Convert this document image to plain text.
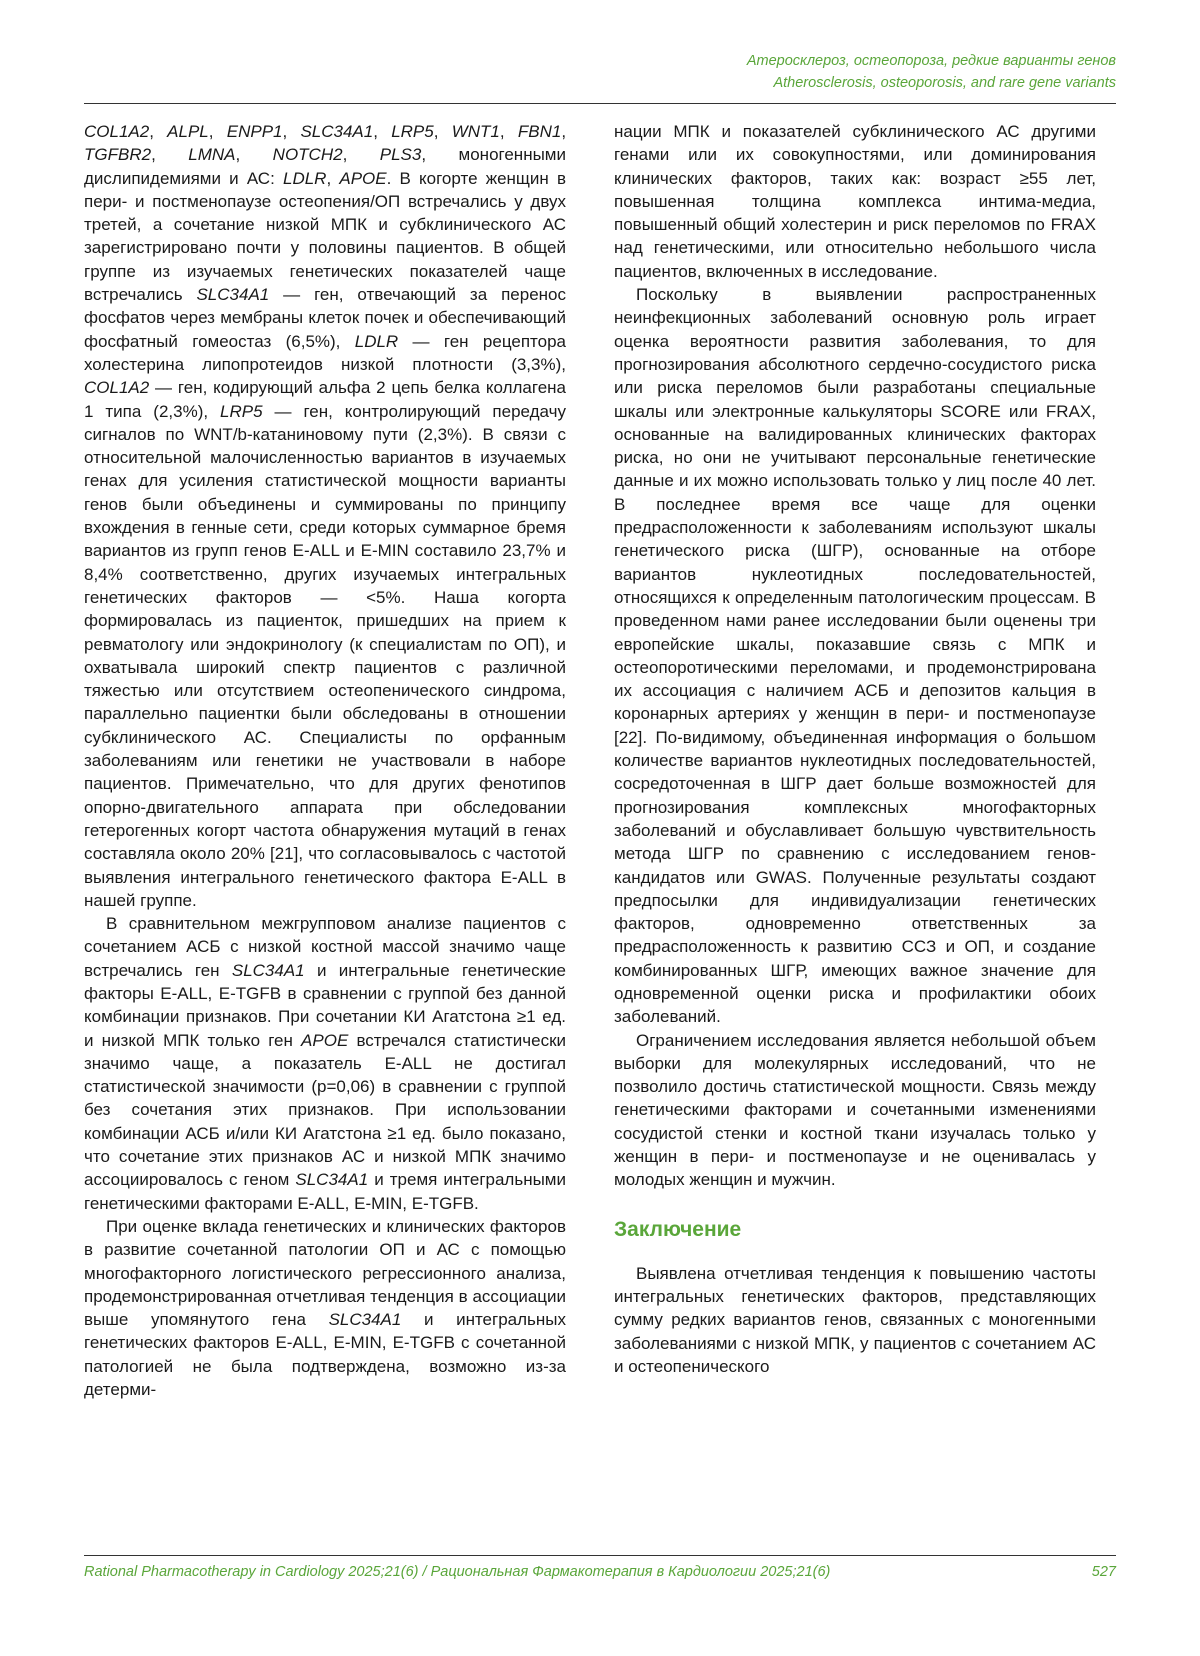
Атеросклероз, остеопороза, редкие варианты генов
Atherosclerosis, osteoporosis, and rare gene variants

COL1A2, ALPL, ENPP1, SLC34A1, LRP5, WNT1, FBN1, TGFBR2, LMNA, NOTCH2, PLS3, моногенными дислипидемиями и АС: LDLR, APOE. В когорте женщин в пери- и постменопаузе остеопения/ОП встречались у двух третей, а сочетание низкой МПК и субклинического АС зарегистрировано почти у половины пациентов. В общей группе из изучаемых генетических показателей чаще встречались SLC34A1 — ген, отвечающий за перенос фосфатов через мембраны клеток почек и обеспечивающий фосфатный гомеостаз (6,5%), LDLR — ген рецептора холестерина липопротеидов низкой плотности (3,3%), COL1A2 — ген, кодирующий альфа 2 цепь белка коллагена 1 типа (2,3%), LRP5 — ген, контролирующий передачу сигналов по WNT/b-катаниновому пути (2,3%). В связи с относительной малочисленностью вариантов в изучаемых генах для усиления статистической мощности варианты генов были объединены и суммированы по принципу вхождения в генные сети, среди которых суммарное бремя вариантов из групп генов E-ALL и E-MIN составило 23,7% и 8,4% соответственно, других изучаемых интегральных генетических факторов — <5%. Наша когорта формировалась из пациенток, пришедших на прием к ревматологу или эндокринологу (к специалистам по ОП), и охватывала широкий спектр пациентов с различной тяжестью или отсутствием остеопенического синдрома, параллельно пациентки были обследованы в отношении субклинического АС. Специалисты по орфанным заболеваниям или генетики не участвовали в наборе пациентов. Примечательно, что для других фенотипов опорно-двигательного аппарата при обследовании гетерогенных когорт частота обнаружения мутаций в генах составляла около 20% [21], что согласовывалось с частотой выявления интегрального генетического фактора E-ALL в нашей группе.

В сравнительном межгрупповом анализе пациентов с сочетанием АСБ с низкой костной массой значимо чаще встречались ген SLC34A1 и интегральные генетические факторы E-ALL, E-TGFB в сравнении с группой без данной комбинации признаков. При сочетании КИ Агатстона ≥1 ед. и низкой МПК только ген APOE встречался статистически значимо чаще, а показатель E-ALL не достигал статистической значимости (p=0,06) в сравнении с группой без сочетания этих признаков. При использовании комбинации АСБ и/или КИ Агатстона ≥1 ед. было показано, что сочетание этих признаков АС и низкой МПК значимо ассоциировалось с геном SLC34A1 и тремя интегральными генетическими факторами E-ALL, E-MIN, E-TGFB.

При оценке вклада генетических и клинических факторов в развитие сочетанной патологии ОП и АС с помощью многофакторного логистического регрессионного анализа, продемонстрированная отчетливая тенденция в ассоциации выше упомянутого гена SLC34A1 и интегральных генетических факторов E-ALL, E-MIN, E-TGFB с сочетанной патологией не была подтверждена, возможно из-за детерми-

нации МПК и показателей субклинического АС другими генами или их совокупностями, или доминирования клинических факторов, таких как: возраст ≥55 лет, повышенная толщина комплекса интима-медиа, повышенный общий холестерин и риск переломов по FRAX над генетическими, или относительно небольшого числа пациентов, включенных в исследование.

Поскольку в выявлении распространенных неинфекционных заболеваний основную роль играет оценка вероятности развития заболевания, то для прогнозирования абсолютного сердечно-сосудистого риска или риска переломов были разработаны специальные шкалы или электронные калькуляторы SCORE или FRAX, основанные на валидированных клинических факторах риска, но они не учитывают персональные генетические данные и их можно использовать только у лиц после 40 лет. В последнее время все чаще для оценки предрасположенности к заболеваниям используют шкалы генетического риска (ШГР), основанные на отборе вариантов нуклеотидных последовательностей, относящихся к определенным патологическим процессам. В проведенном нами ранее исследовании были оценены три европейские шкалы, показавшие связь с МПК и остеопоротическими переломами, и продемонстрирована их ассоциация с наличием АСБ и депозитов кальция в коронарных артериях у женщин в пери- и постменопаузе [22]. По-видимому, объединенная информация о большом количестве вариантов нуклеотидных последовательностей, сосредоточенная в ШГР дает больше возможностей для прогнозирования комплексных многофакторных заболеваний и обуславливает большую чувствительность метода ШГР по сравнению с исследованием генов-кандидатов или GWAS. Полученные результаты создают предпосылки для индивидуализации генетических факторов, одновременно ответственных за предрасположенность к развитию ССЗ и ОП, и создание комбинированных ШГР, имеющих важное значение для одновременной оценки риска и профилактики обоих заболеваний.

Ограничением исследования является небольшой объем выборки для молекулярных исследований, что не позволило достичь статистической мощности. Связь между генетическими факторами и сочетанными изменениями сосудистой стенки и костной ткани изучалась только у женщин в пери- и постменопаузе и не оценивалась у молодых женщин и мужчин.

Заключение

Выявлена отчетливая тенденция к повышению частоты интегральных генетических факторов, представляющих сумму редких вариантов генов, связанных с моногенными заболеваниями с низкой МПК, у пациентов с сочетанием АС и остеопенического

Rational Pharmacotherapy in Cardiology 2025;21(6) / Рациональная Фармакотерапия в Кардиологии 2025;21(6)	527
